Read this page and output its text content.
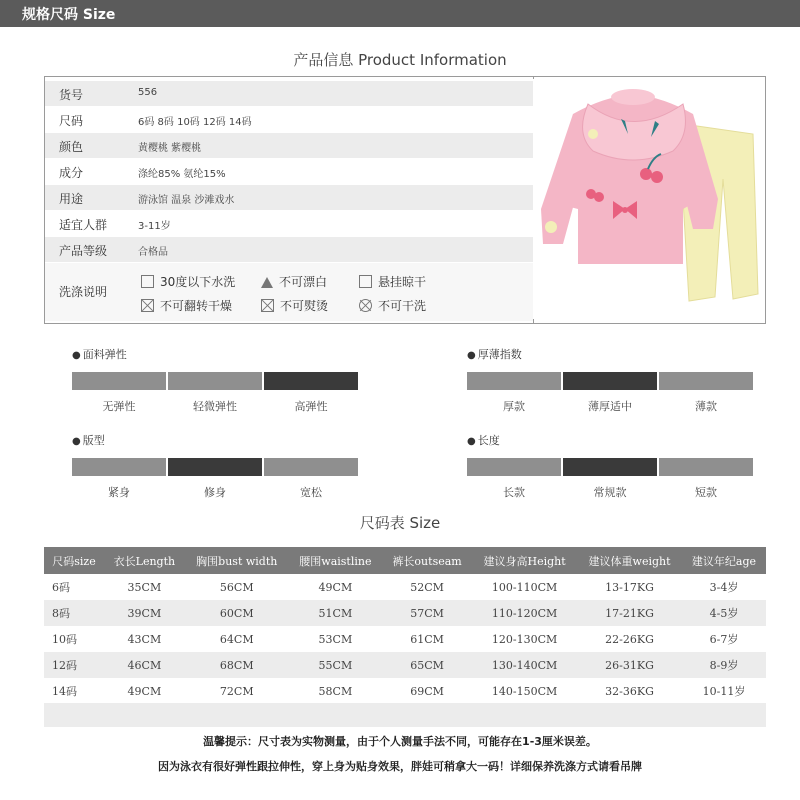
规格尺码 Size
产品信息 Product Information
货号	556
尺码	6码 8码 10码 12码 14码
颜色	黄樱桃 紫樱桃
成分	涤纶85% 氨纶15%
用途	游泳馆 温泉 沙滩戏水
适宜人群	3-11岁
产品等级	合格品
洗涤说明
30度以下水洗	不可漂白	悬挂晾干
不可翻转干燥	不可熨烫	不可干洗
● 面料弹性
无弹性	轻微弹性	高弹性
● 厚薄指数
厚款	薄厚适中	薄款
● 版型
紧身	修身	宽松
● 长度
长款	常规款	短款
尺码表 Size
尺码size	衣长Length	胸围bust width	腰围waistline	裤长outseam	建议身高Height	建议体重weight	建议年纪age
6码	35CM	56CM	49CM	52CM	100-110CM	13-17KG	3-4岁
8码	39CM	60CM	51CM	57CM	110-120CM	17-21KG	4-5岁
10码	43CM	64CM	53CM	61CM	120-130CM	22-26KG	6-7岁
12码	46CM	68CM	55CM	65CM	130-140CM	26-31KG	8-9岁
14码	49CM	72CM	58CM	69CM	140-150CM	32-36KG	10-11岁
温馨提示：尺寸表为实物测量，由于个人测量手法不同，可能存在1-3厘米误差。
因为泳衣有很好弹性跟拉伸性，穿上身为贴身效果，胖娃可稍拿大一码！详细保养洗涤方式请看吊牌
